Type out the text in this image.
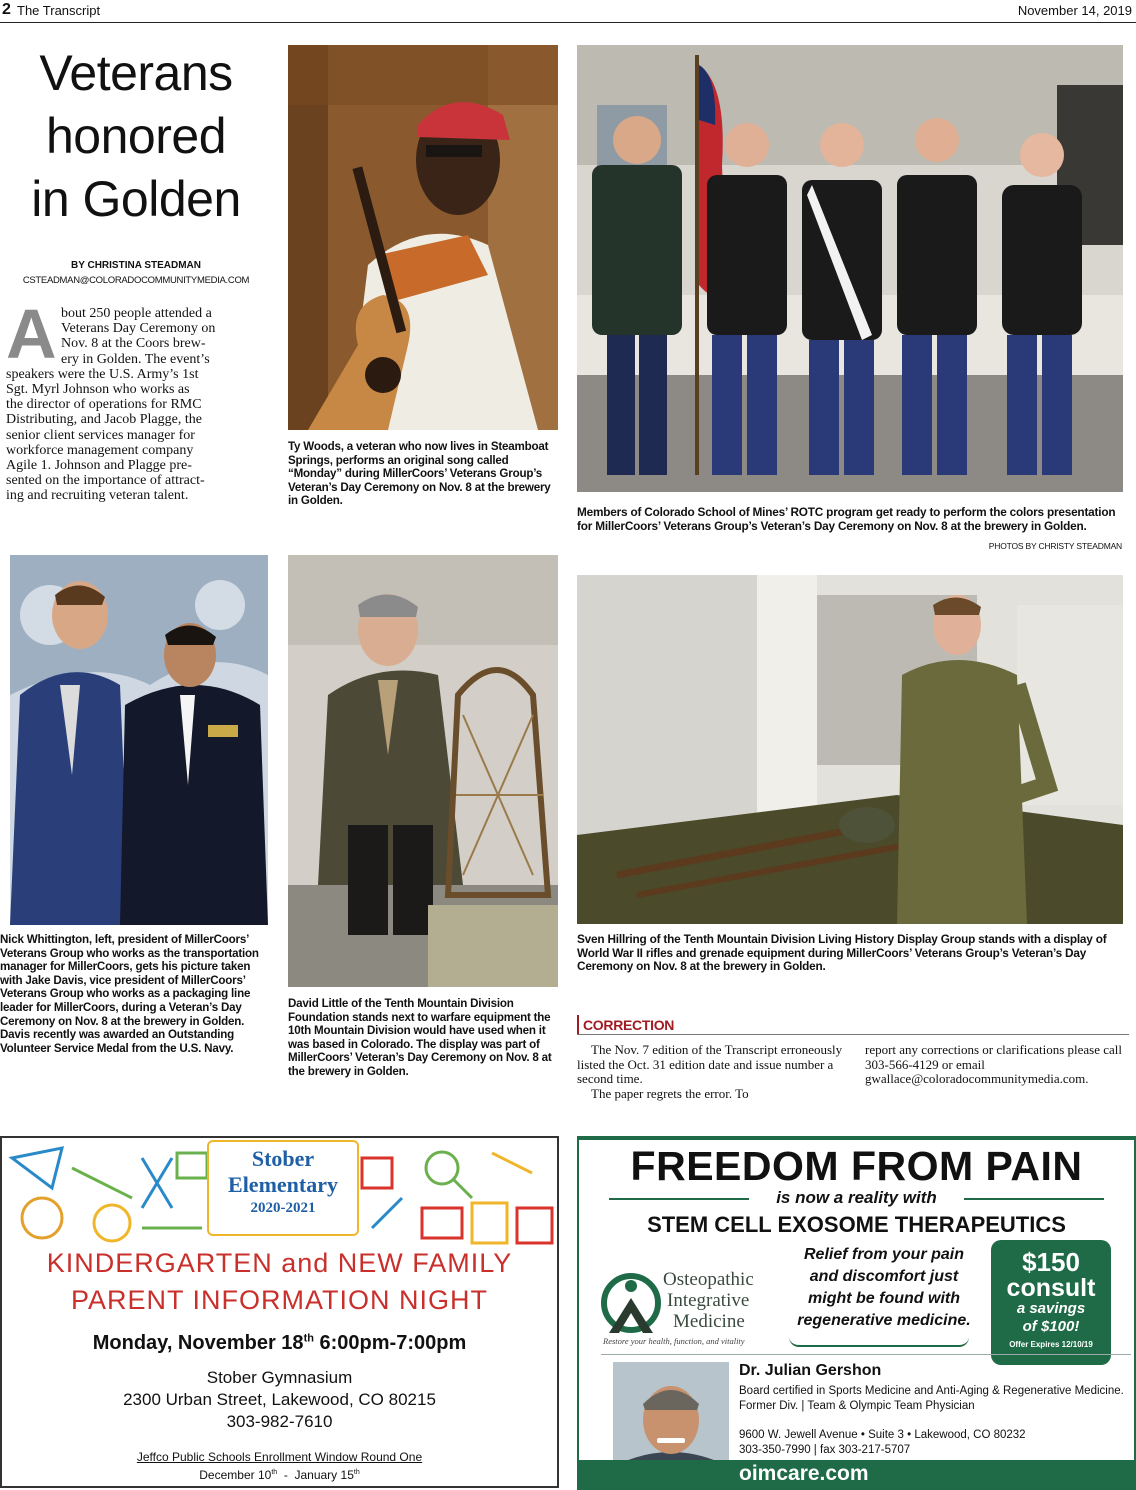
2 The Transcript	November 14, 2019
Veterans
honored
in Golden
BY CHRISTINA STEADMAN
CSTEADMAN@COLORADOCOMMUNITYMEDIA.COM
A bout 250 people attended a
Veterans Day Ceremony on
Nov. 8 at the Coors brew-
ery in Golden. The event’s
speakers were the U.S. Army’s 1st
Sgt. Myrl Johnson who works as
the director of operations for RMC
Distributing, and Jacob Plagge, the
senior client services manager for
workforce management company
Agile 1. Johnson and Plagge pre-
sented on the importance of attract-
ing and recruiting veteran talent.
Ty Woods, a veteran who now lives in Steamboat Springs, performs an original song called “Monday” during MillerCoors’ Veterans Group’s Veteran’s Day Ceremony on Nov. 8 at the brewery in Golden.
Members of Colorado School of Mines’ ROTC program get ready to perform the colors presentation for MillerCoors’ Veterans Group’s Veteran’s Day Ceremony on Nov. 8 at the brewery in Golden.
PHOTOS BY CHRISTY STEADMAN
Nick Whittington, left, president of MillerCoors’ Veterans Group who works as the transportation manager for MillerCoors, gets his picture taken with Jake Davis, vice president of MillerCoors’ Veterans Group who works as a packaging line leader for MillerCoors, during a Veteran’s Day Ceremony on Nov. 8 at the brewery in Golden. Davis recently was awarded an Outstanding Volunteer Service Medal from the U.S. Navy.
David Little of the Tenth Mountain Division Foundation stands next to warfare equipment the 10th Mountain Division would have used when it was based in Colorado. The display was part of MillerCoors’ Veteran’s Day Ceremony on Nov. 8 at the brewery in Golden.
Sven Hillring of the Tenth Mountain Division Living History Display Group stands with a display of World War II rifles and grenade equipment during MillerCoors’ Veterans Group’s Veteran’s Day Ceremony on Nov. 8 at the brewery in Golden.
CORRECTION
The Nov. 7 edition of the Transcript erroneously listed the Oct. 31 edition date and issue number a second time.
The paper regrets the error. To
report any corrections or clarifications please call 303-566-4129 or email gwallace@coloradocommunitymedia.com.
Stober
Elementary
2020-2021
KINDERGARTEN and NEW FAMILY
PARENT INFORMATION NIGHT
Monday, November 18th 6:00pm-7:00pm
Stober Gymnasium
2300 Urban Street, Lakewood, CO 80215
303-982-7610
Jeffco Public Schools Enrollment Window Round One
December 10th  -  January 15th
FREEDOM FROM PAIN
is now a reality with
STEM CELL EXOSOME THERAPEUTICS
Osteopathic
Integrative
Medicine
Restore your health, function, and vitality
Relief from your pain
and discomfort just
might be found with
regenerative medicine.
$150
consult
a savings
of $100!
Offer Expires 12/10/19
Dr. Julian Gershon
Board certified in Sports Medicine and Anti-Aging & Regenerative Medicine. Former Div. | Team & Olympic Team Physician
9600 W. Jewell Avenue • Suite 3 • Lakewood, CO 80232
303-350-7990 | fax 303-217-5707
oimcare.com
